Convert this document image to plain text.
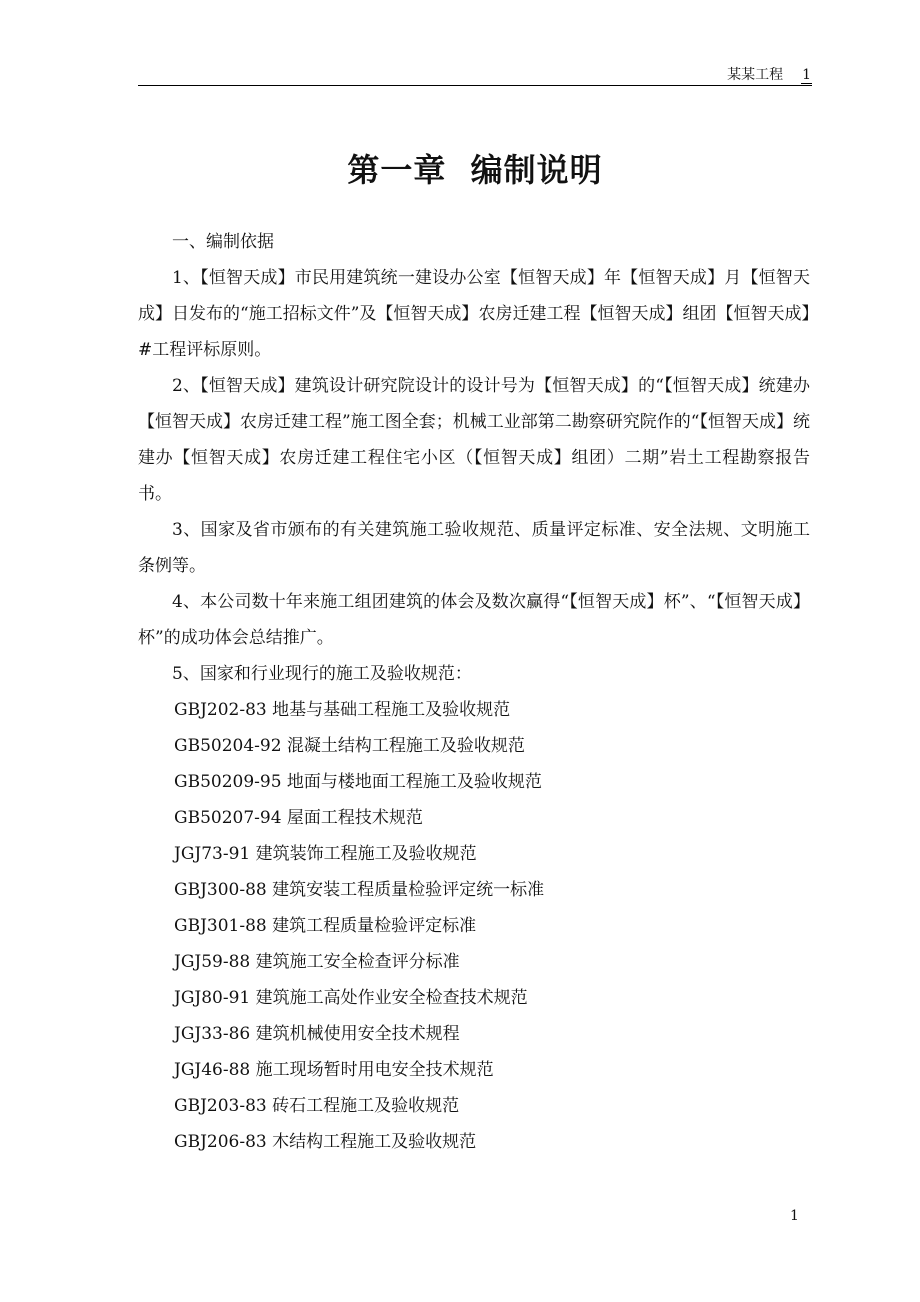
某某工程 1
第一章  编制说明

一、编制依据

1、【恒智天成】市民用建筑统一建设办公室【恒智天成】年【恒智天成】月【恒智天成】日发布的“施工招标文件”及【恒智天成】农房迁建工程【恒智天成】组团【恒智天成】#工程评标原则。

2、【恒智天成】建筑设计研究院设计的设计号为【恒智天成】的“【恒智天成】统建办【恒智天成】农房迁建工程”施工图全套；机械工业部第二勘察研究院作的“【恒智天成】统建办【恒智天成】农房迁建工程住宅小区（【恒智天成】组团）二期”岩土工程勘察报告书。

3、国家及省市颁布的有关建筑施工验收规范、质量评定标准、安全法规、文明施工条例等。

4、本公司数十年来施工组团建筑的体会及数次赢得“【恒智天成】杯”、“【恒智天成】杯”的成功体会总结推广。

5、国家和行业现行的施工及验收规范：

GBJ202-83 地基与基础工程施工及验收规范
GB50204-92 混凝土结构工程施工及验收规范
GB50209-95 地面与楼地面工程施工及验收规范
GB50207-94 屋面工程技术规范
JGJ73-91 建筑装饰工程施工及验收规范
GBJ300-88 建筑安装工程质量检验评定统一标准
GBJ301-88 建筑工程质量检验评定标准
JGJ59-88 建筑施工安全检查评分标准
JGJ80-91 建筑施工高处作业安全检查技术规范
JGJ33-86 建筑机械使用安全技术规程
JGJ46-88 施工现场暂时用电安全技术规范
GBJ203-83 砖石工程施工及验收规范
GBJ206-83 木结构工程施工及验收规范
1
